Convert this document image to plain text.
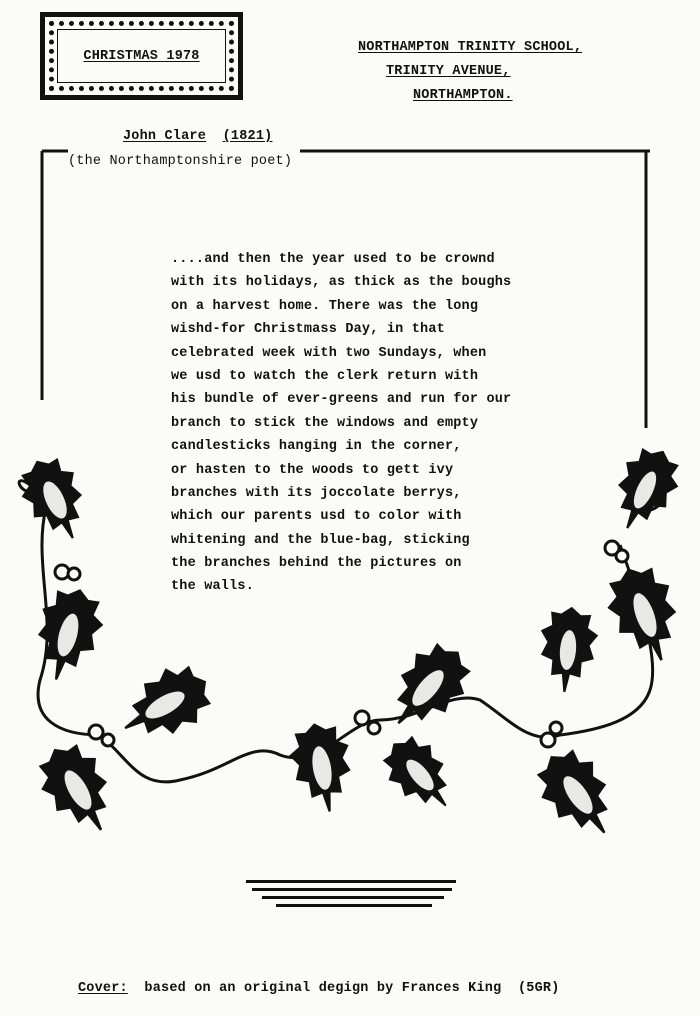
CHRISTMAS 1978
NORTHAMPTON TRINITY SCHOOL,
TRINITY AVENUE,
NORTHAMPTON.
John Clare (1821)
(the Northamptonshire poet)

....and then the year used to be crownd

with its holidays, as thick as the boughs

on a harvest home. There was the long

wishd-for Christmass Day, in that

celebrated week with two Sundays, when

we usd to watch the clerk return with

his bundle of ever-greens and run for our

branch to stick the windows and empty

candlesticks hanging in the corner,

or hasten to the woods to gett ivy

branches with its joccolate berrys,

which our parents usd to color with

whitening and the blue-bag, sticking

the branches behind the pictures on

the walls.

Cover: based on an original degign by Frances King (5GR)
